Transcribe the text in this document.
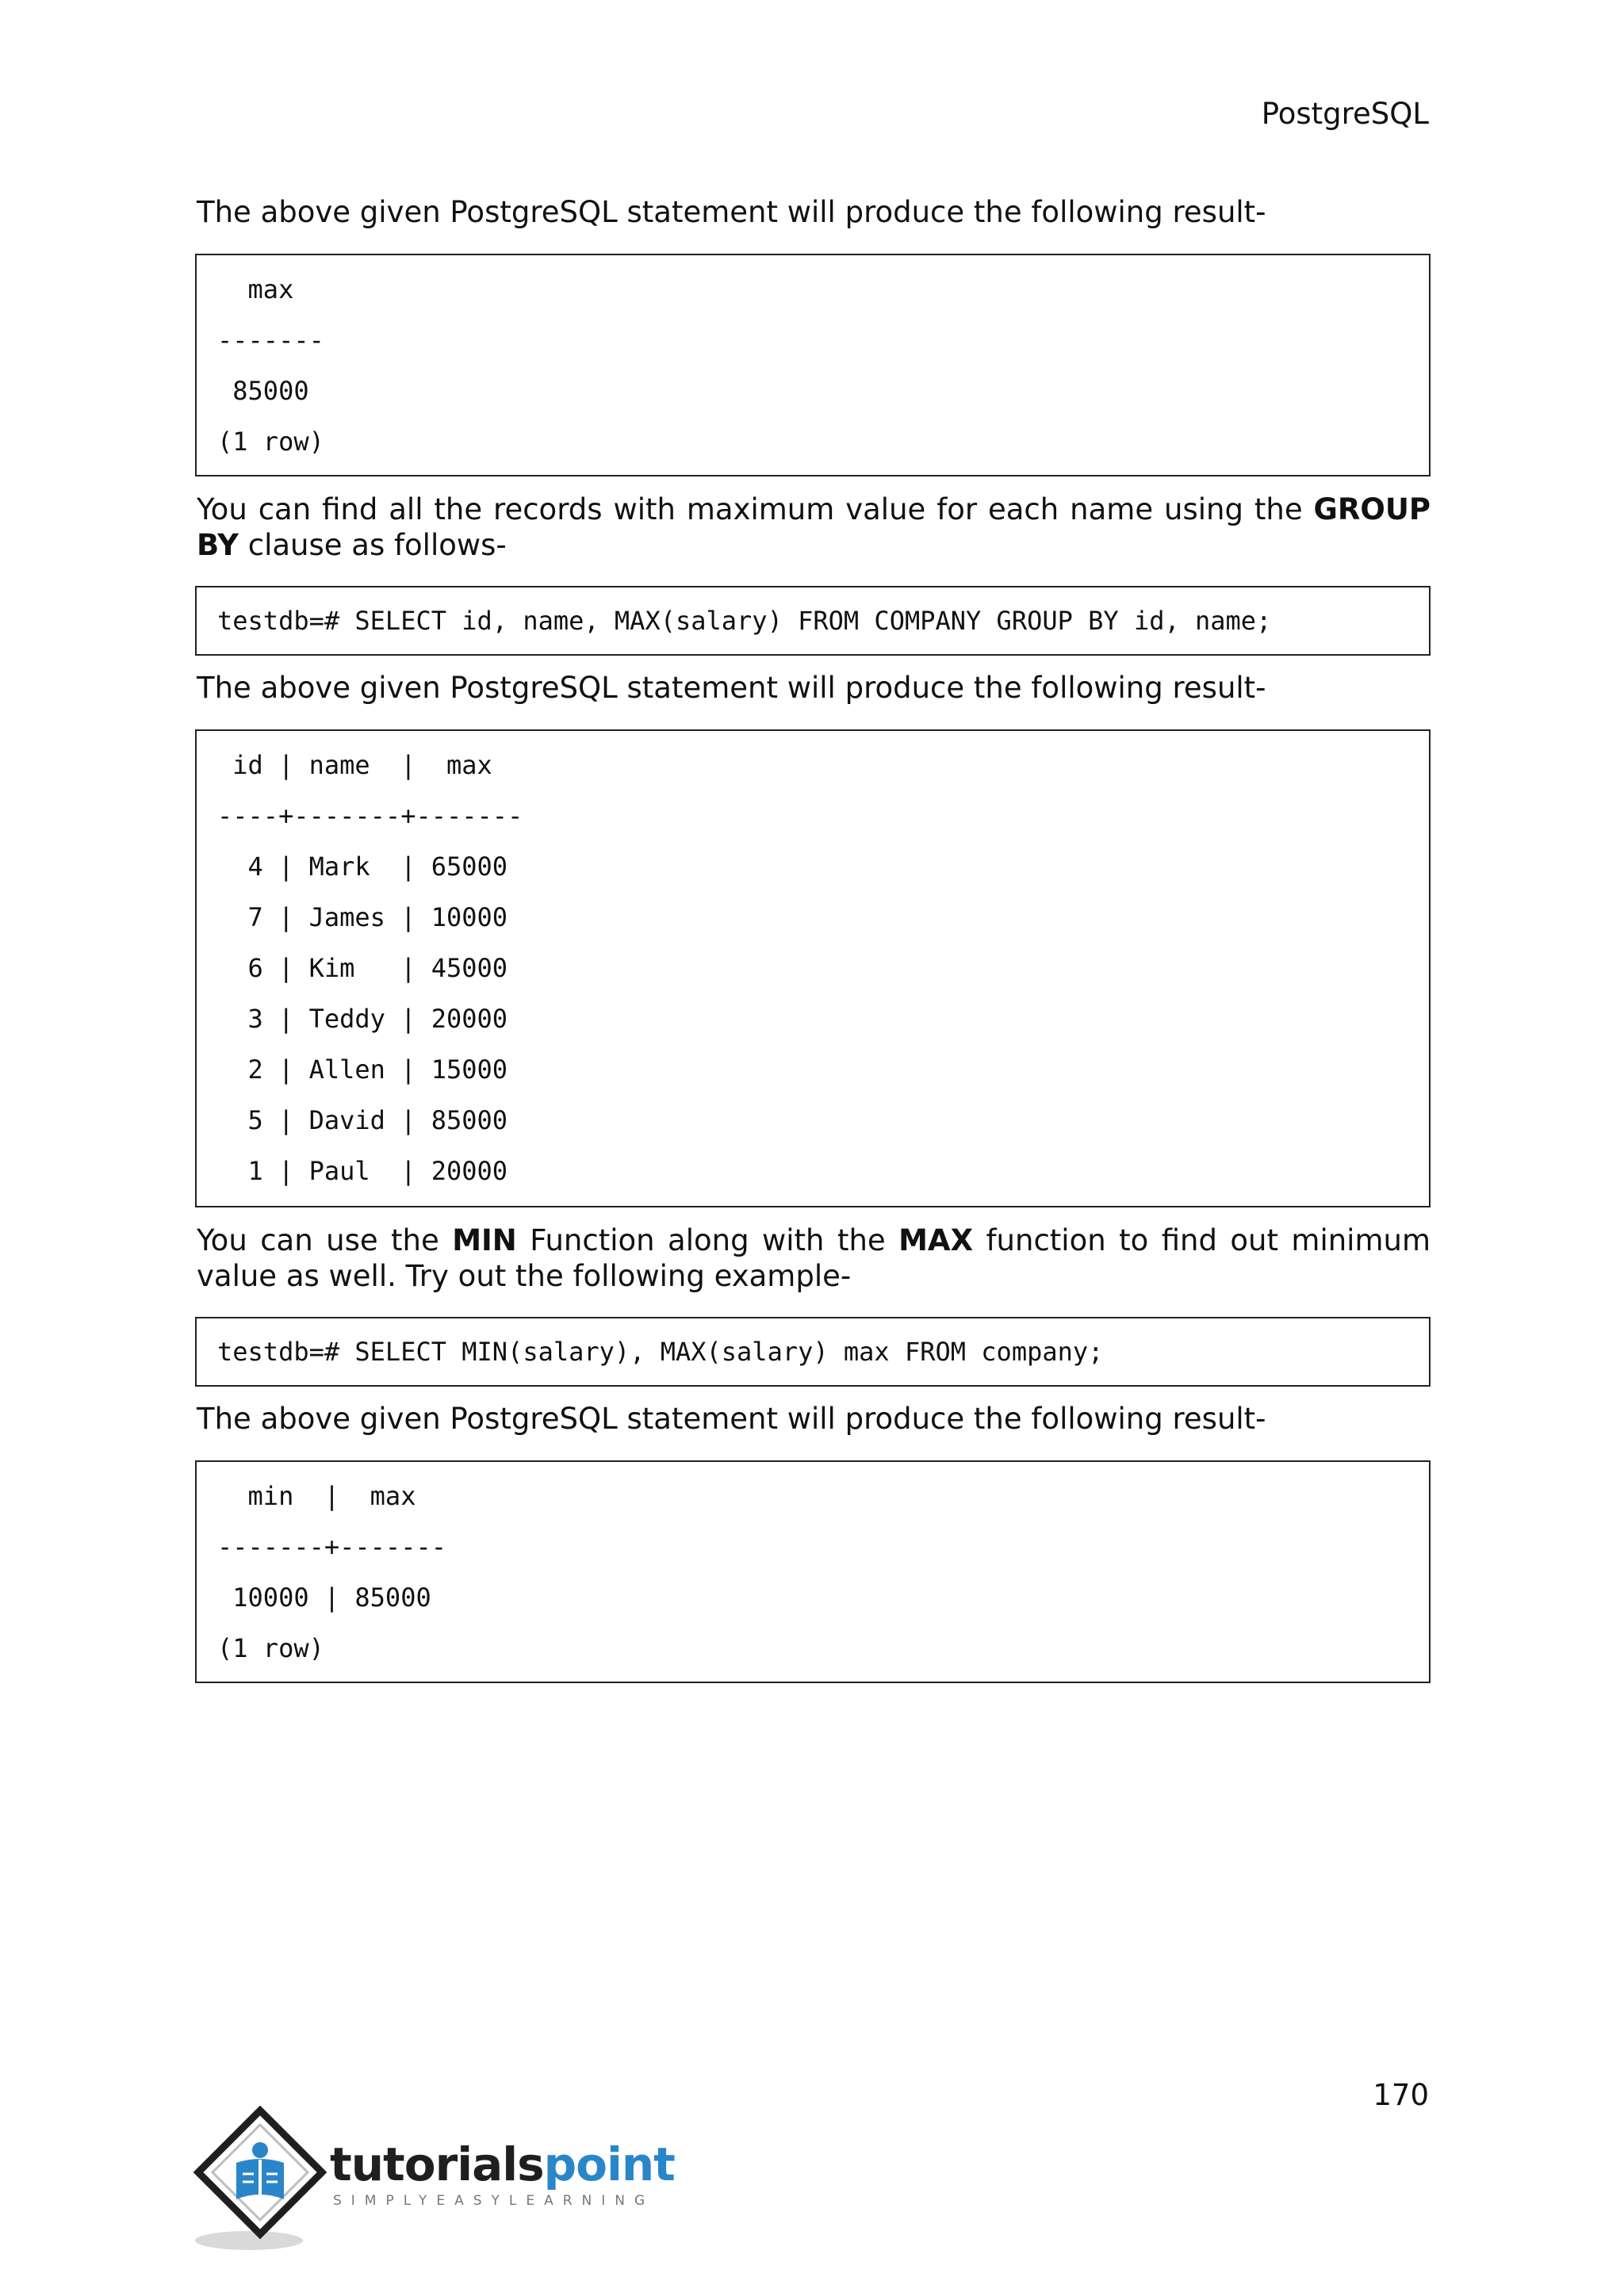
PostgreSQL
The above given PostgreSQL statement will produce the following result-
max
-------
85000
(1 row)
You can find all the records with maximum value for each name using the GROUP BY clause as follows-
testdb=# SELECT id, name, MAX(salary) FROM COMPANY GROUP BY id, name;
The above given PostgreSQL statement will produce the following result-
id | name  |  max
----+-------+-------
4 | Mark  | 65000
7 | James | 10000
6 | Kim   | 45000
3 | Teddy | 20000
2 | Allen | 15000
5 | David | 85000
1 | Paul  | 20000
You can use the MIN Function along with the MAX function to find out minimum value as well. Try out the following example-
testdb=# SELECT MIN(salary), MAX(salary) max FROM company;
The above given PostgreSQL statement will produce the following result-
min  |  max
-------+-------
10000 | 85000
(1 row)
170
tutorialspoint
SIMPLYEASYLEARNING
